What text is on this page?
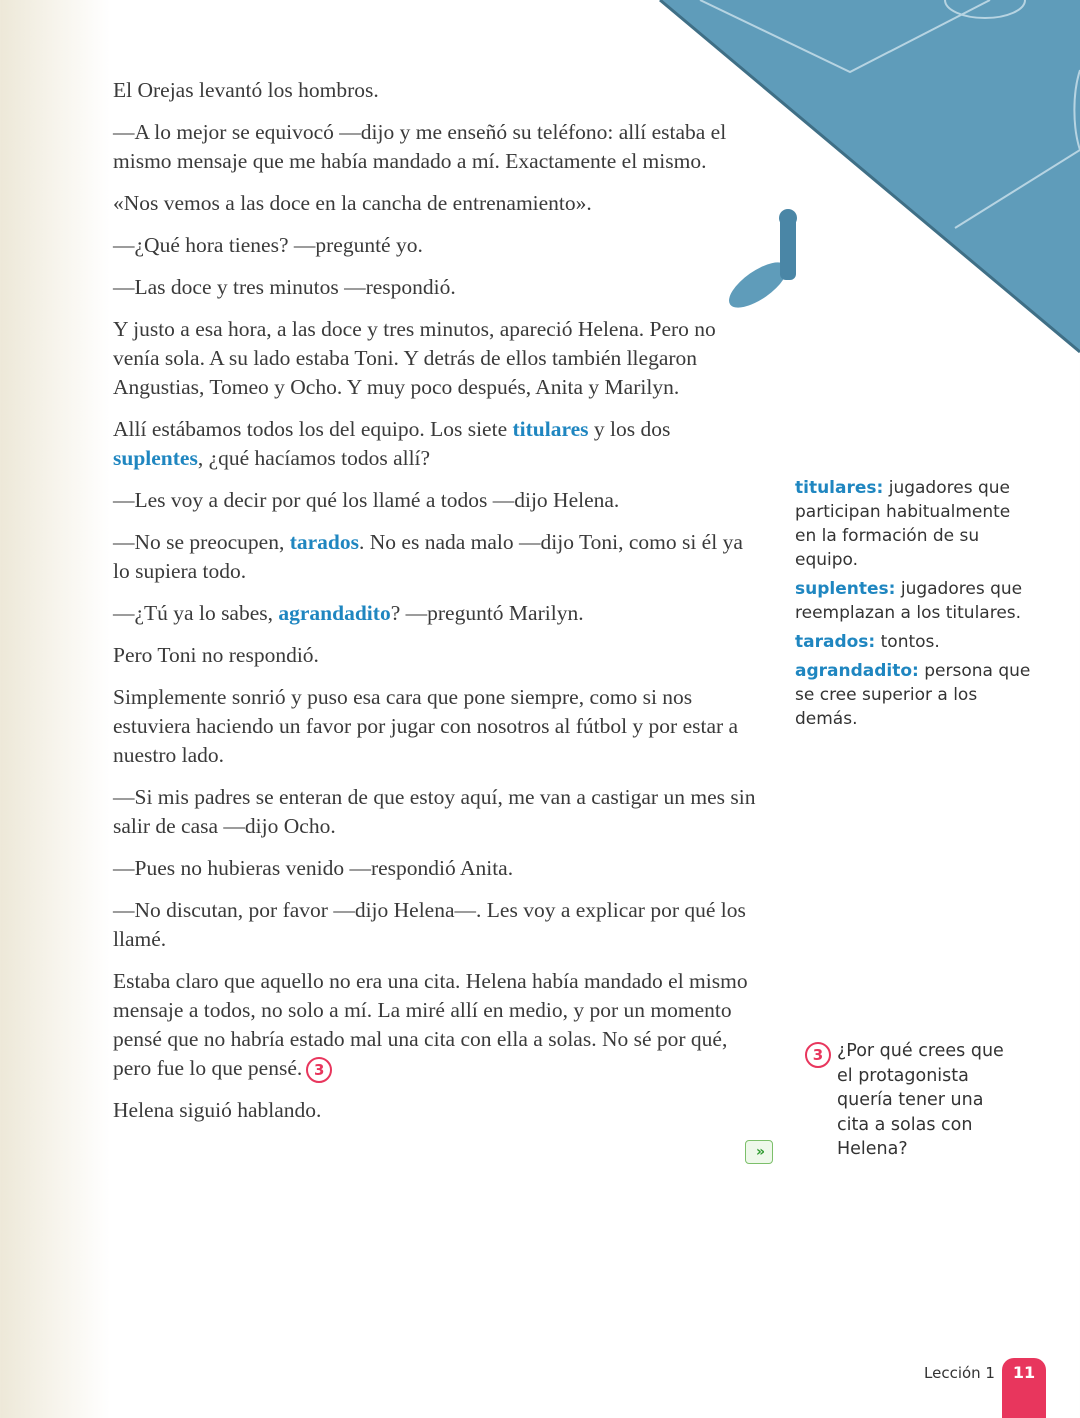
El Orejas levantó los hombros.

—A lo mejor se equivocó —dijo y me enseñó su teléfono: allí estaba el mismo mensaje que me había mandado a mí. Exactamente el mismo.

«Nos vemos a las doce en la cancha de entrenamiento».

—¿Qué hora tienes? —pregunté yo.

—Las doce y tres minutos —respondió.

Y justo a esa hora, a las doce y tres minutos, apareció Helena. Pero no venía sola. A su lado estaba Toni. Y detrás de ellos también llegaron Angustias, Tomeo y Ocho. Y muy poco después, Anita y Marilyn.

Allí estábamos todos los del equipo. Los siete titulares y los dos suplentes, ¿qué hacíamos todos allí?

—Les voy a decir por qué los llamé a todos —dijo Helena.

—No se preocupen, tarados. No es nada malo —dijo Toni, como si él ya lo supiera todo.

—¿Tú ya lo sabes, agrandadito? —preguntó Marilyn.

Pero Toni no respondió.

Simplemente sonrió y puso esa cara que pone siempre, como si nos estuviera haciendo un favor por jugar con nosotros al fútbol y por estar a nuestro lado.

—Si mis padres se enteran de que estoy aquí, me van a castigar un mes sin salir de casa —dijo Ocho.

—Pues no hubieras venido —respondió Anita.

—No discutan, por favor —dijo Helena—. Les voy a explicar por qué los llamé.

Estaba claro que aquello no era una cita. Helena había mandado el mismo mensaje a todos, no solo a mí. La miré allí en medio, y por un momento pensé que no habría estado mal una cita con ella a solas. No sé por qué, pero fue lo que pensé. 3

Helena siguió hablando.

titulares: jugadores que participan habitualmente en la formación de su equipo.
suplentes: jugadores que reemplazan a los titulares.
tarados: tontos.
agrandadito: persona que se cree superior a los demás.
3 ¿Por qué crees que el protagonista quería tener una cita a solas con Helena?
»
Lección 1	11
